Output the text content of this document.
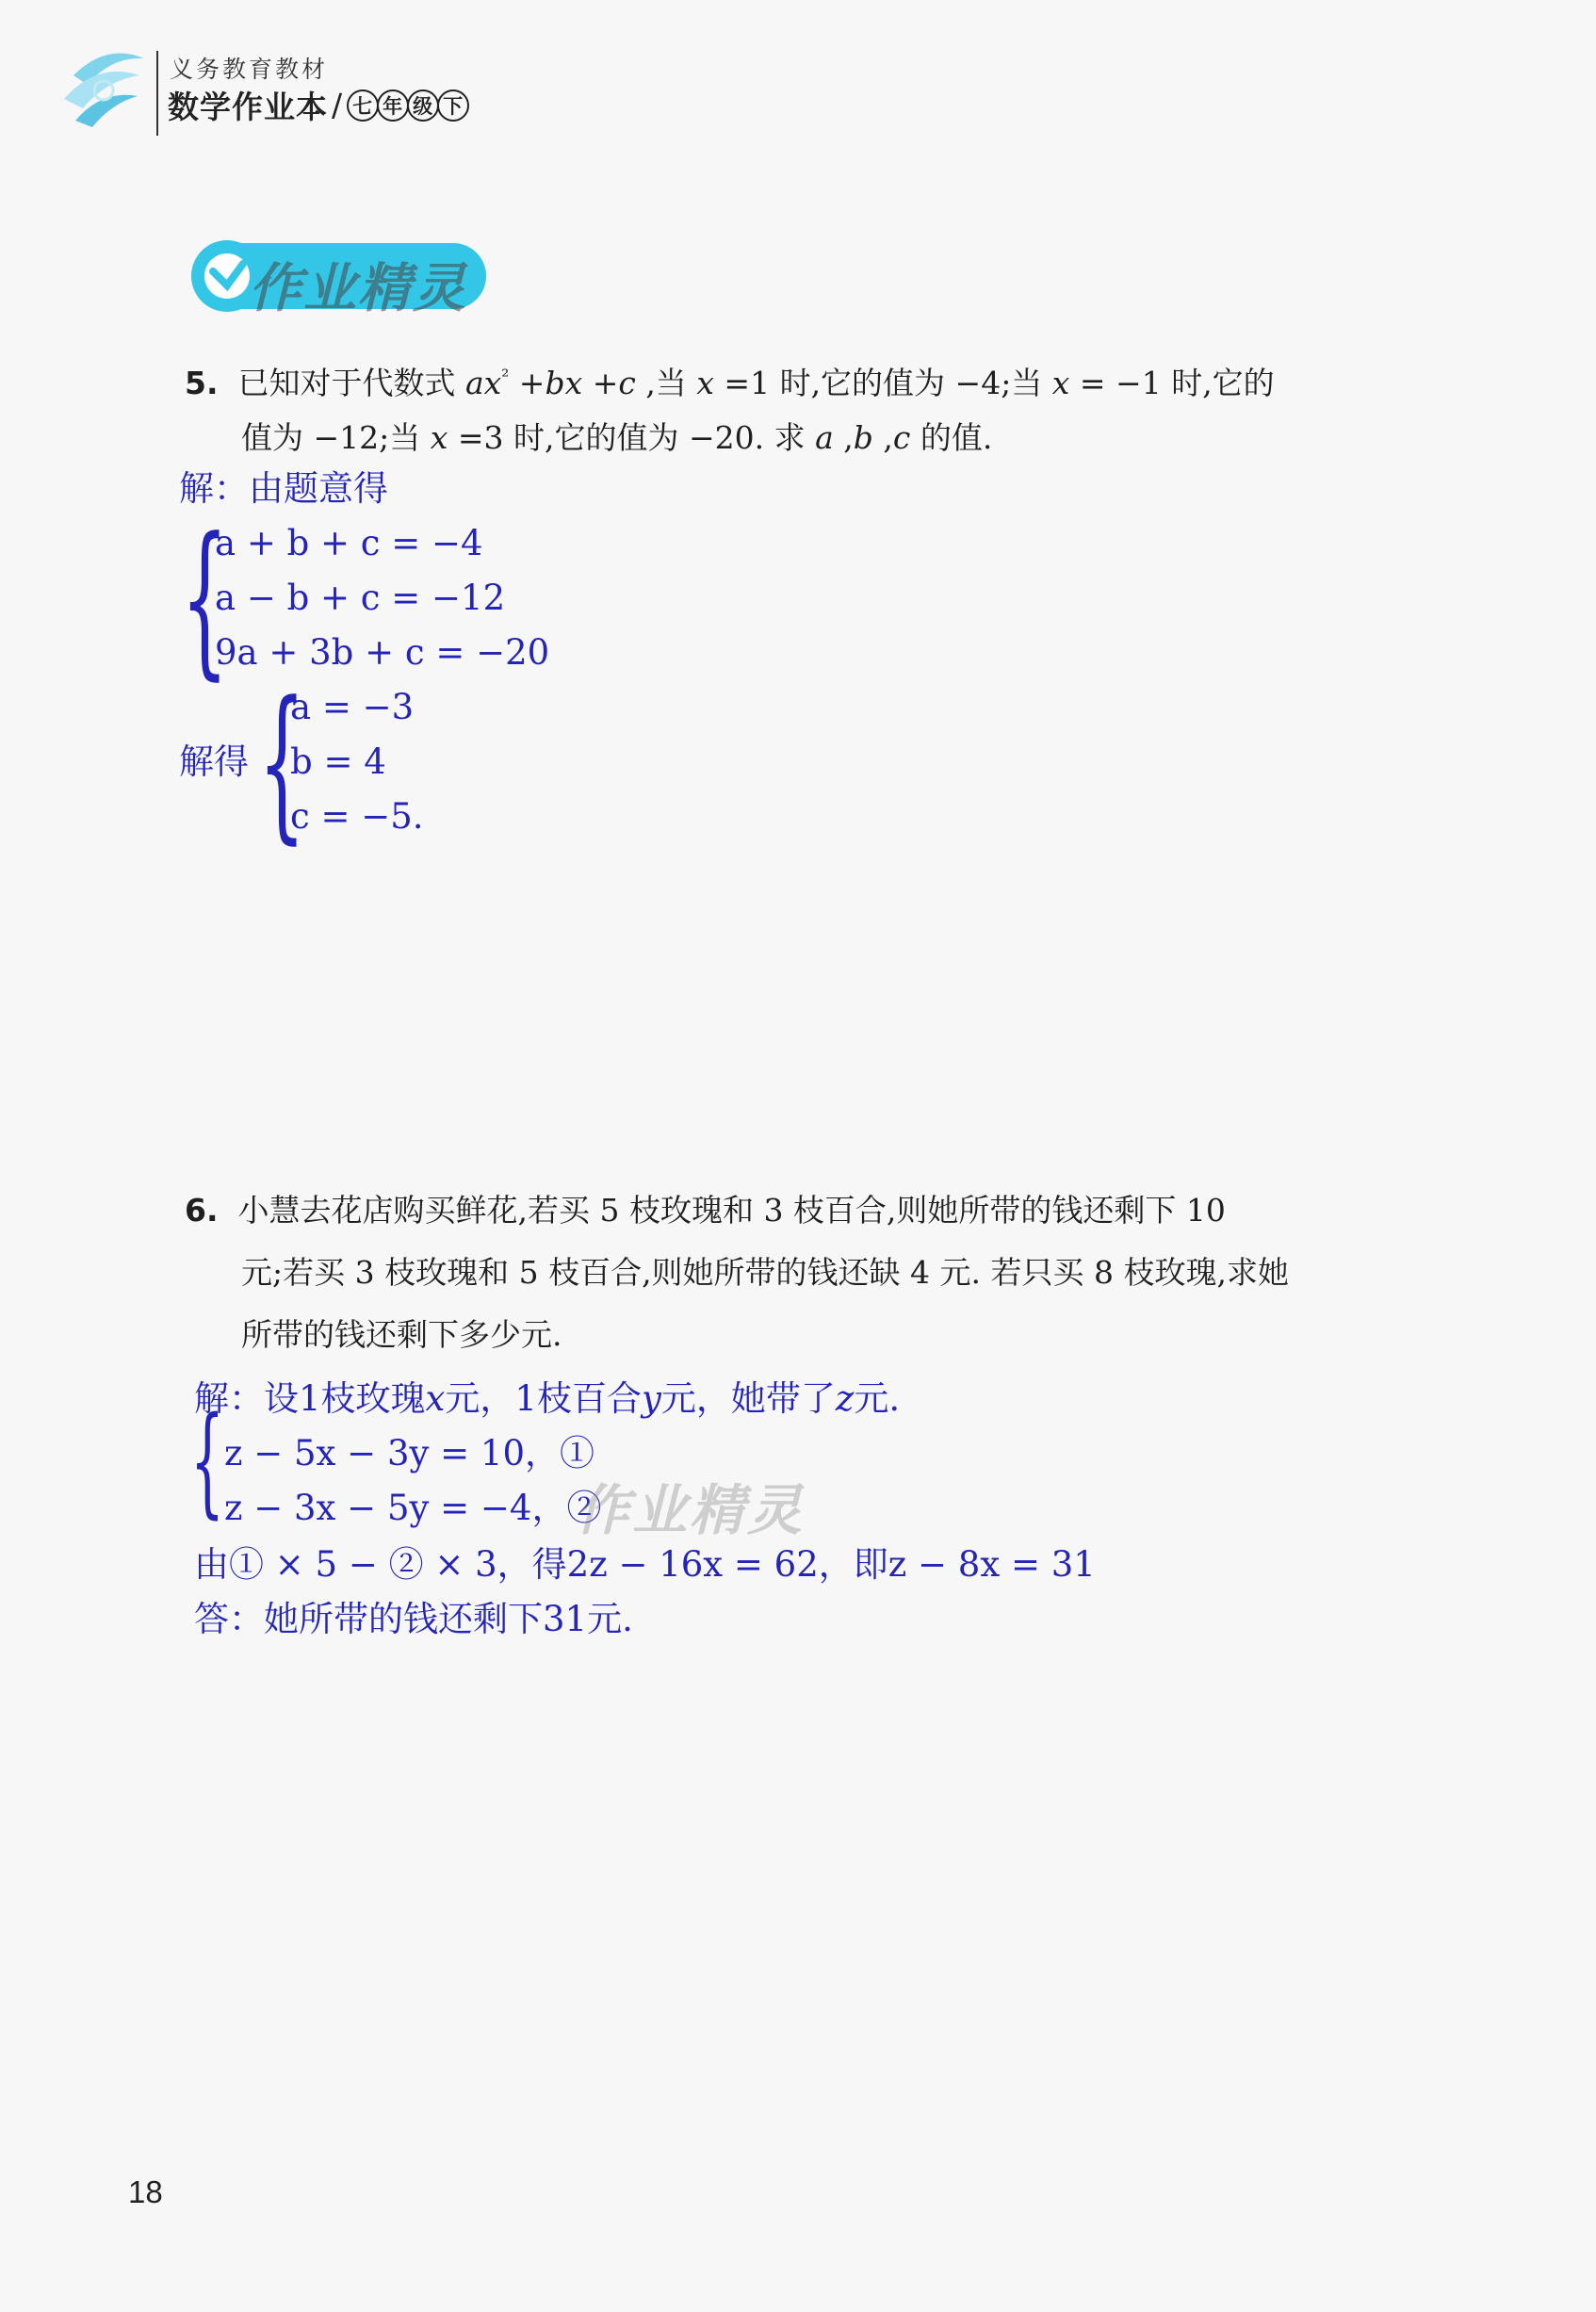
义务教育教材
数学作业本 / 七 年 级 下
作业精灵
5. 已知对于代数式 $ax^{^2} +bx +c$ ,当 x =1 时,它的值为 −4;当 x = −1 时,它的
值为 −12;当 x =3 时,它的值为 −20. 求 a ,b ,c 的值.
解：由题意得
{
a + b + c = −4
a − b + c = −12
9a + 3b + c = −20
解得 {
a = −3
b = 4
c = −5.
6. 小慧去花店购买鲜花,若买 5 枝玫瑰和 3 枝百合,则她所带的钱还剩下 10
元;若买 3 枝玫瑰和 5 枝百合,则她所带的钱还缺 4 元. 若只买 8 枝玫瑰,求她
所带的钱还剩下多少元.
解：设1枝玫瑰x元，1枝百合y元，她带了z元.
{ z − 5x − 3y = 10，①
z − 3x − 5y = −4，②
由① × 5 − ② × 3，得2z − 16x = 62，即z − 8x = 31
答：她所带的钱还剩下31元.
作业精灵
18
